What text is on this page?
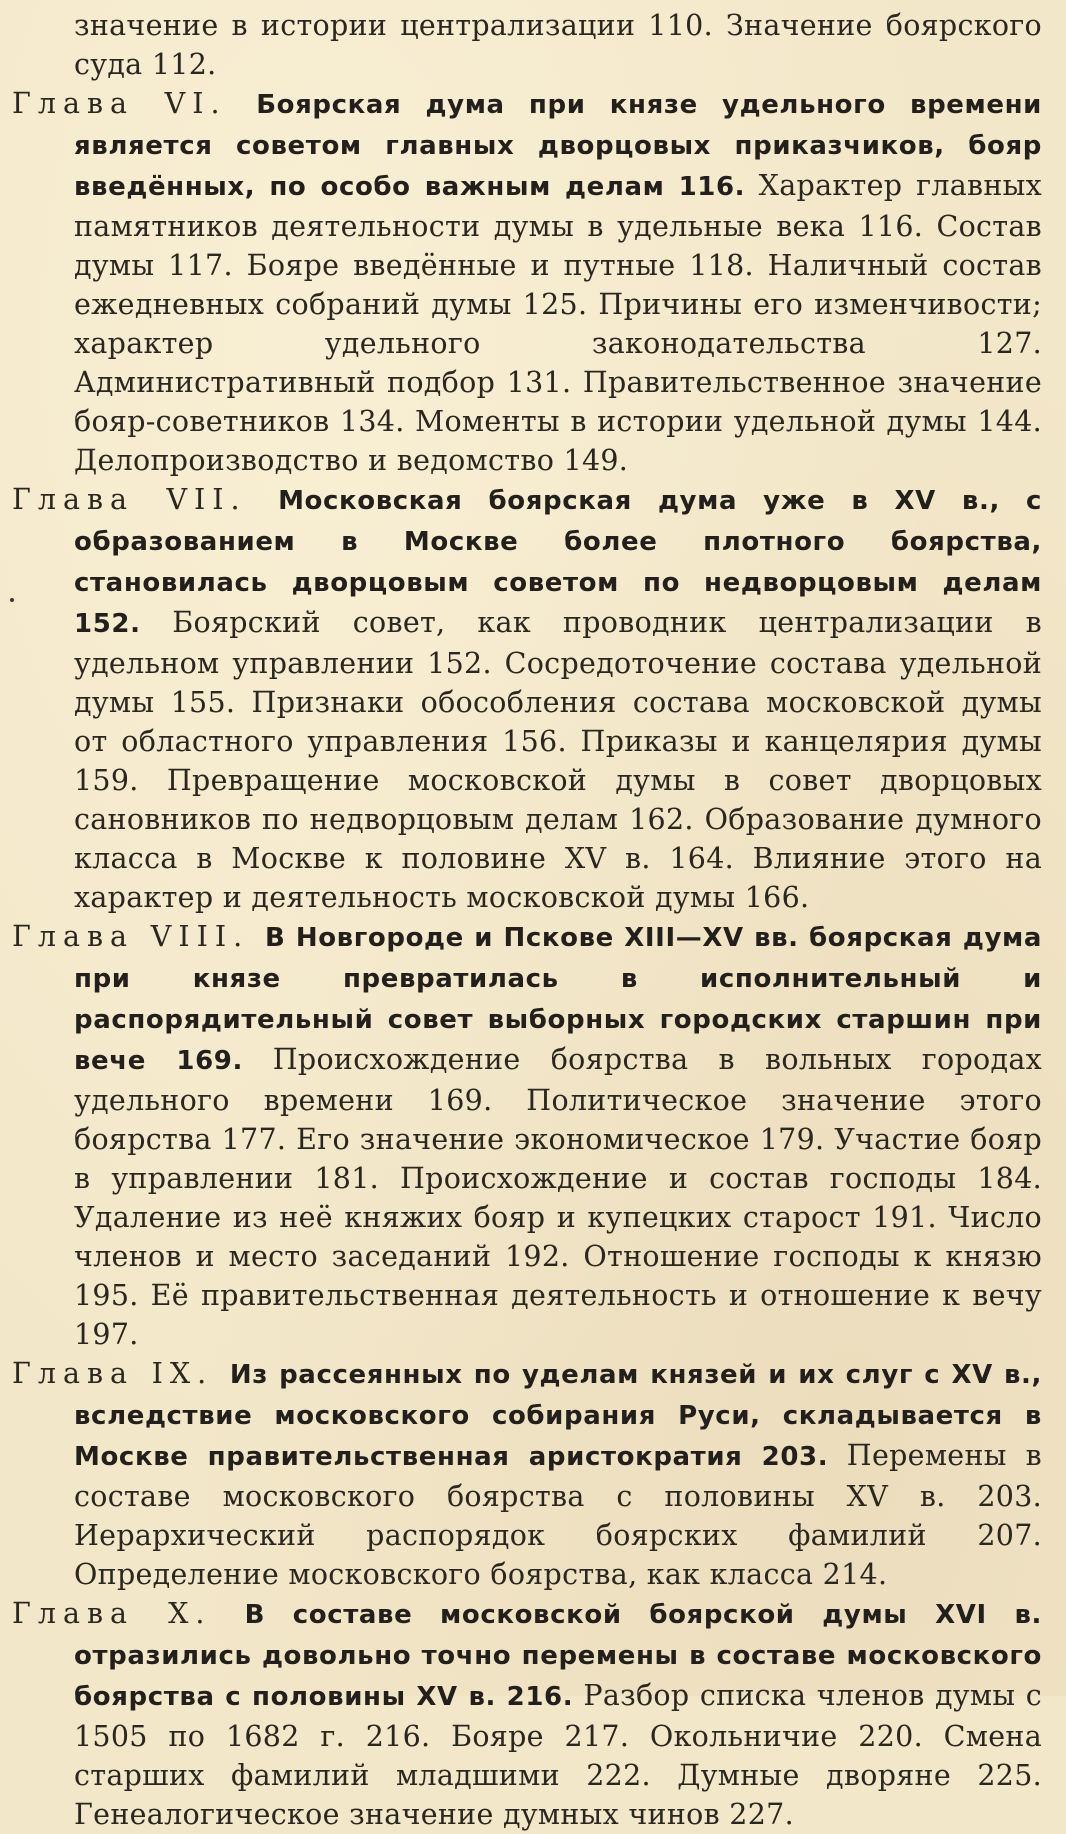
значение в истории централизации 110. Значение боярского суда 112.

Глава VI. Боярская дума при князе удельного времени является советом главных дворцовых приказчиков, бояр введённых, по особо важным делам 116. Характер главных памятников деятельности думы в удельные века 116. Состав думы 117. Бояре введённые и путные 118. Наличный состав ежедневных собраний думы 125. Причины его изменчивости; характер удельного законодательства 127. Административный подбор 131. Правительственное значение бояр-советников 134. Моменты в истории удельной думы 144. Делопроизводство и ведомство 149.

Глава VII. Московская боярская дума уже в XV в., с образованием в Москве более плотного боярства, становилась дворцовым советом по недворцовым делам 152. Боярский совет, как проводник централизации в удельном управлении 152. Сосредоточение состава удельной думы 155. Признаки обособления состава московской думы от областного управления 156. Приказы и канцелярия думы 159. Превращение московской думы в совет дворцовых сановников по недворцовым делам 162. Образование думного класса в Москве к половине XV в. 164. Влияние этого на характер и деятельность московской думы 166.

Глава VIII. В Новгороде и Пскове XIII—XV вв. боярская дума при князе превратилась в исполнительный и распорядительный совет выборных городских старшин при вече 169. Происхождение боярства в вольных городах удельного времени 169. Политическое значение этого боярства 177. Его значение экономическое 179. Участие бояр в управлении 181. Происхождение и состав господы 184. Удаление из неё княжих бояр и купецких старост 191. Число членов и место заседаний 192. Отношение господы к князю 195. Её правительственная деятельность и отношение к вечу 197.

Глава IX. Из рассеянных по уделам князей и их слуг с XV в., вследствие московского собирания Руси, складывается в Москве правительственная аристократия 203. Перемены в составе московского боярства с половины XV в. 203. Иерархический распорядок боярских фамилий 207. Определение московского боярства, как класса 214.

Глава X. В составе московской боярской думы XVI в. отразились довольно точно перемены в составе московского боярства с половины XV в. 216. Разбор списка членов думы с 1505 по 1682 г. 216. Бояре 217. Окольничие 220. Смена старших фамилий младшими 222. Думные дворяне 225. Генеалогическое значение думных чинов 227.
